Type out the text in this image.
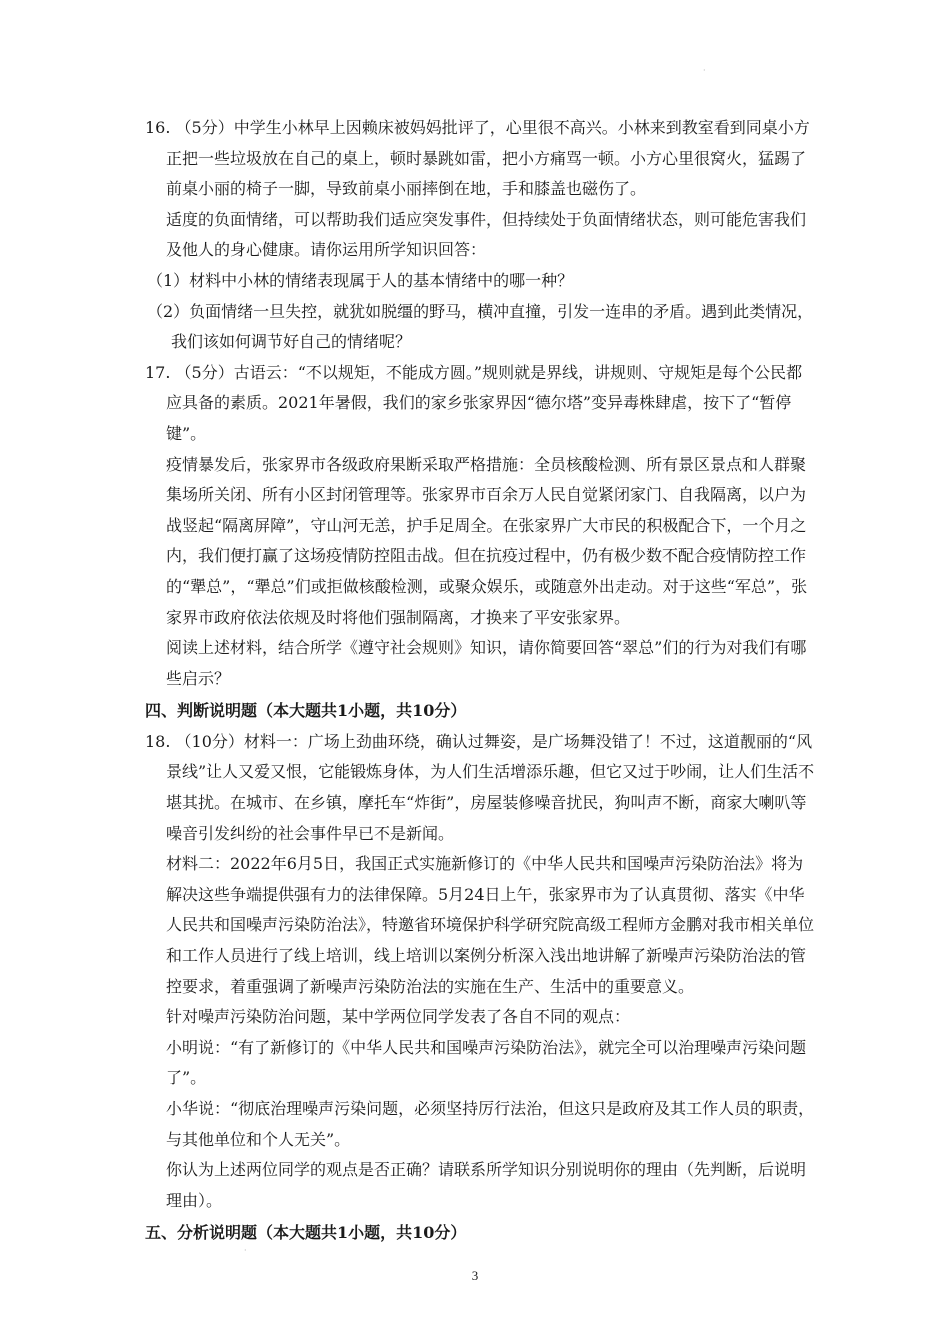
·

16. （5分）中学生小林早上因赖床被妈妈批评了，心里很不高兴。小林来到教室看到同桌小方正把一些垃圾放在自己的桌上，顿时暴跳如雷，把小方痛骂一顿。小方心里很窝火，猛踢了前桌小丽的椅子一脚，导致前桌小丽摔倒在地，手和膝盖也磁伤了。

适度的负面情绪，可以帮助我们适应突发事件，但持续处于负面情绪状态，则可能危害我们及他人的身心健康。请你运用所学知识回答：

（1）材料中小林的情绪表现属于人的基本情绪中的哪一种？

（2）负面情绪一旦失控，就犹如脱缰的野马，横冲直撞，引发一连串的矛盾。遇到此类情况，我们该如何调节好自己的情绪呢？

17. （5分）古语云：“不以规矩，不能成方圆。”规则就是界线，讲规则、守规矩是每个公民都应具备的素质。2021年暑假，我们的家乡张家界因“德尔塔”变异毒株肆虐，按下了“暂停键”。

疫情暴发后，张家界市各级政府果断采取严格措施：全员核酸检测、所有景区景点和人群聚集场所关闭、所有小区封闭管理等。张家界市百余万人民自觉紧闭家门、自我隔离，以户为战竖起“隔离屏障”，守山河无恙，护手足周全。在张家界广大市民的积极配合下，一个月之内，我们便打赢了这场疫情防控阻击战。但在抗疫过程中，仍有极少数不配合疫情防控工作的“犟总”，“犟总”们或拒做核酸检测，或聚众娱乐，或随意外出走动。对于这些“军总”，张家界市政府依法依规及时将他们强制隔离，才换来了平安张家界。

阅读上述材料，结合所学《遵守社会规则》知识，请你简要回答“翠总”们的行为对我们有哪些启示？

四、判断说明题（本大题共1小题，共10分）

18. （10分）材料一：广场上劲曲环绕，确认过舞姿，是广场舞没错了！不过，这道靓丽的“风景线”让人又爱又恨，它能锻炼身体，为人们生活增添乐趣，但它又过于吵闹，让人们生活不堪其扰。在城市、在乡镇，摩托车“炸街”，房屋装修噪音扰民，狗叫声不断，商家大喇叭等噪音引发纠纷的社会事件早已不是新闻。

材料二：2022年6月5日，我国正式实施新修订的《中华人民共和国噪声污染防治法》将为解决这些争端提供强有力的法律保障。5月24日上午，张家界市为了认真贯彻、落实《中华人民共和国噪声污染防治法》，特邀省环境保护科学研究院高级工程师方金鹏对我市相关单位和工作人员进行了线上培训，线上培训以案例分析深入浅出地讲解了新噪声污染防治法的管控要求，着重强调了新噪声污染防治法的实施在生产、生活中的重要意义。

针对噪声污染防治问题，某中学两位同学发表了各自不同的观点：

小明说：“有了新修订的《中华人民共和国噪声污染防治法》，就完全可以治理噪声污染问题了”。

小华说：“彻底治理噪声污染问题，必须坚持厉行法治，但这只是政府及其工作人员的职责，与其他单位和个人无关”。

你认为上述两位同学的观点是否正确？请联系所学知识分别说明你的理由（先判断，后说明理由）。

五、分析说明题（本大题共1小题，共10分）

·
3
